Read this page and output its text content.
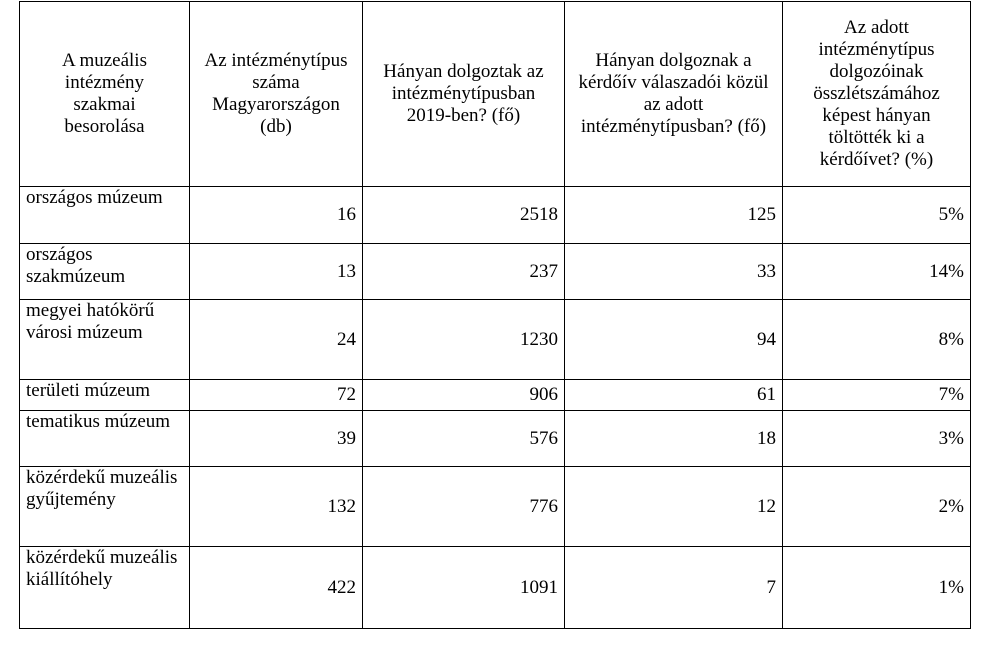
A muzeális intézmény szakmai besorolása	Az intézménytípus száma Magyarországon (db)	Hányan dolgoztak az intézménytípusban 2019-ben? (fő)	Hányan dolgoznak a kérdőív válaszadói közül az adott intézménytípusban? (fő)	Az adott intézménytípus dolgozóinak összlétszámához képest hányan töltötték ki a kérdőívet? (%)

országos múzeum	16	2518	125	5%
országos szakmúzeum	13	237	33	14%
megyei hatókörű városi múzeum	24	1230	94	8%
területi múzeum	72	906	61	7%
tematikus múzeum	39	576	18	3%
közérdekű muzeális gyűjtemény	132	776	12	2%
közérdekű muzeális kiállítóhely	422	1091	7	1%
